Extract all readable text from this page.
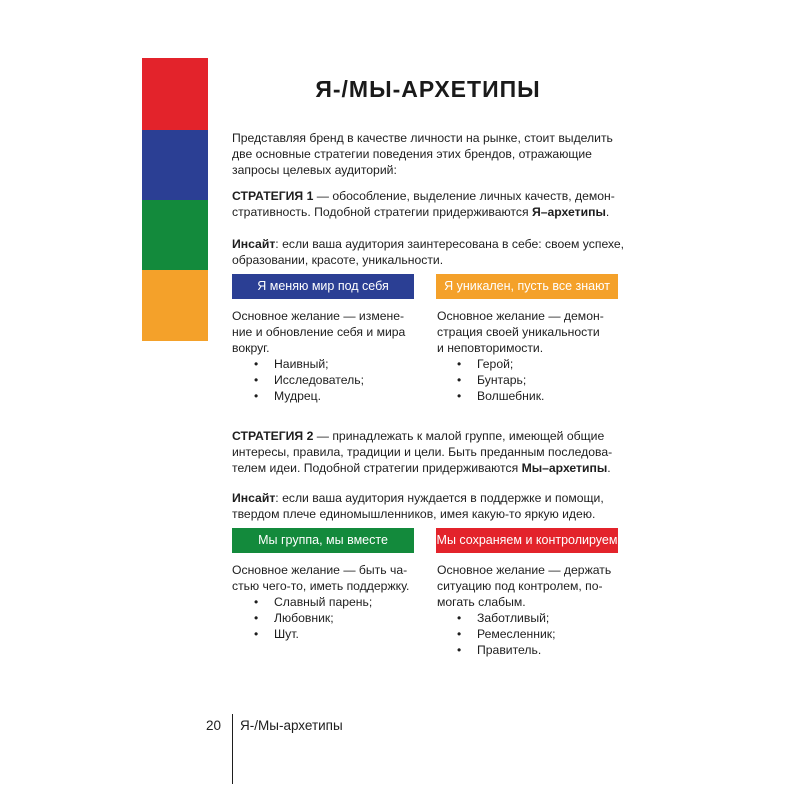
Я-/МЫ-АРХЕТИПЫ
Представляя бренд в качестве личности на рынке, стоит выделить
две основные стратегии поведения этих брендов, отражающие
запросы целевых аудиторий:
СТРАТЕГИЯ 1 — обособление, выделение личных качеств, демон-
стративность. Подобной стратегии придерживаются Я–архетипы.
Инсайт: если ваша аудитория заинтересована в себе: своем успехе,
образовании, красоте, уникальности.
Я меняю мир под себя	Я уникален, пусть все знают
Основное желание — измене-
ние и обновление себя и мира
вокруг.
• Наивный;
• Исследователь;
• Мудрец.
Основное желание — демон-
страция своей уникальности
и неповторимости.
• Герой;
• Бунтарь;
• Волшебник.
СТРАТЕГИЯ 2 — принадлежать к малой группе, имеющей общие
интересы, правила, традиции и цели. Быть преданным последова-
телем идеи. Подобной стратегии придерживаются Мы–архетипы.
Инсайт: если ваша аудитория нуждается в поддержке и помощи,
твердом плече единомышленников, имея какую-то яркую идею.
Мы группа, мы вместе	Мы сохраняем и контролируем
Основное желание — быть ча-
стью чего-то, иметь поддержку.
• Славный парень;
• Любовник;
• Шут.
Основное желание — держать
ситуацию под контролем, по-
могать слабым.
• Заботливый;
• Ремесленник;
• Правитель.
20 Я-/Мы-архетипы
